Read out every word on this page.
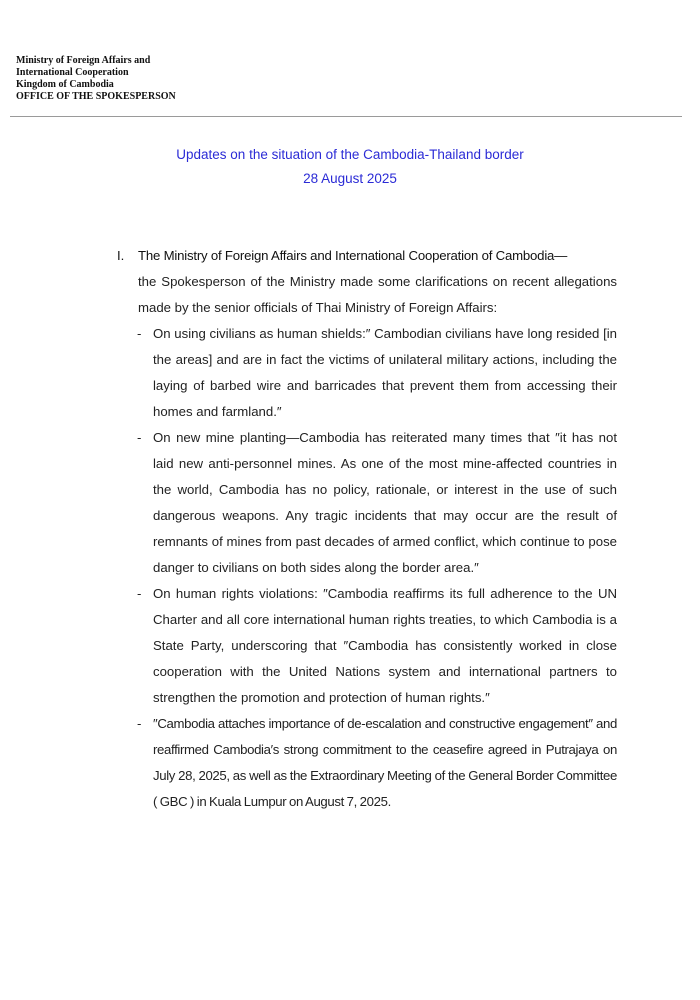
Ministry of Foreign Affairs and
International Cooperation
Kingdom of Cambodia
OFFICE OF THE SPOKESPERSON
Updates on the situation of the Cambodia-Thailand border
28 August 2025
I.	The Ministry of Foreign Affairs and International Cooperation of Cambodia—
the Spokesperson of the Ministry made some clarifications on recent allegations made by the senior officials of Thai Ministry of Foreign Affairs:
- On using civilians as human shields:″ Cambodian civilians have long resided [in the areas] and are in fact the victims of unilateral military actions, including the laying of barbed wire and barricades that prevent them from accessing their homes and farmland.″
- On new mine planting—Cambodia has reiterated many times that ″it has not laid new anti-personnel mines. As one of the most mine-affected countries in the world, Cambodia has no policy, rationale, or interest in the use of such dangerous weapons. Any tragic incidents that may occur are the result of remnants of mines from past decades of armed conflict, which continue to pose danger to civilians on both sides along the border area.″
- On human rights violations: ″Cambodia reaffirms its full adherence to the UN Charter and all core international human rights treaties, to which Cambodia is a State Party, underscoring that ″Cambodia has consistently worked in close cooperation with the United Nations system and international partners to strengthen the promotion and protection of human rights.″
- ″Cambodia attaches importance of de-escalation and constructive engagement″ and reaffirmed Cambodia′s strong commitment to the ceasefire agreed in Putrajaya on July 28, 2025, as well as the Extraordinary Meeting of the General Border Committee ( GBC ) in Kuala Lumpur on August 7, 2025.
